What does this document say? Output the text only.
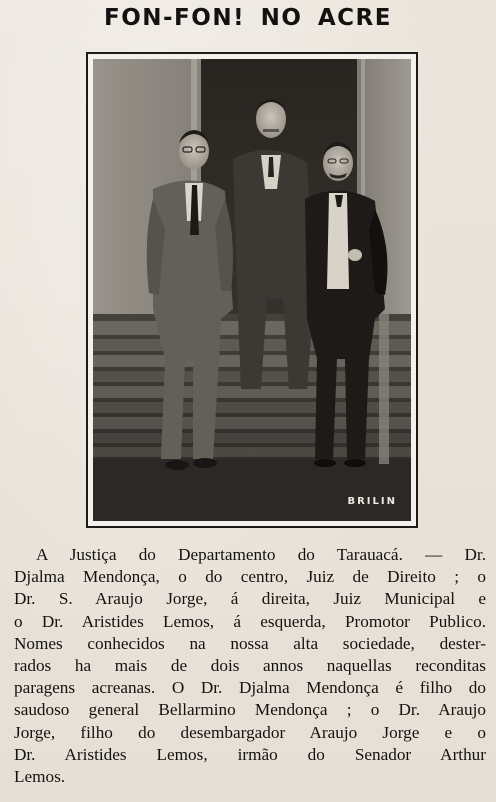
FON-FON! NO ACRE
BRILIN
A Justiça do Departamento do Tarauacá. — Dr.
Djalma Mendonça, o do centro, Juiz de Direito ; o
Dr. S. Araujo Jorge, á direita, Juiz Municipal e
o Dr. Aristides Lemos, á esquerda, Promotor Publico.
Nomes conhecidos na nossa alta sociedade, dester-
rados ha mais de dois annos naquellas reconditas
paragens acreanas. O Dr. Djalma Mendonça é filho do
saudoso general Bellarmino Mendonça ; o Dr. Araujo
Jorge, filho do desembargador Araujo Jorge e o
Dr. Aristides Lemos, irmão do Senador Arthur
Lemos.
